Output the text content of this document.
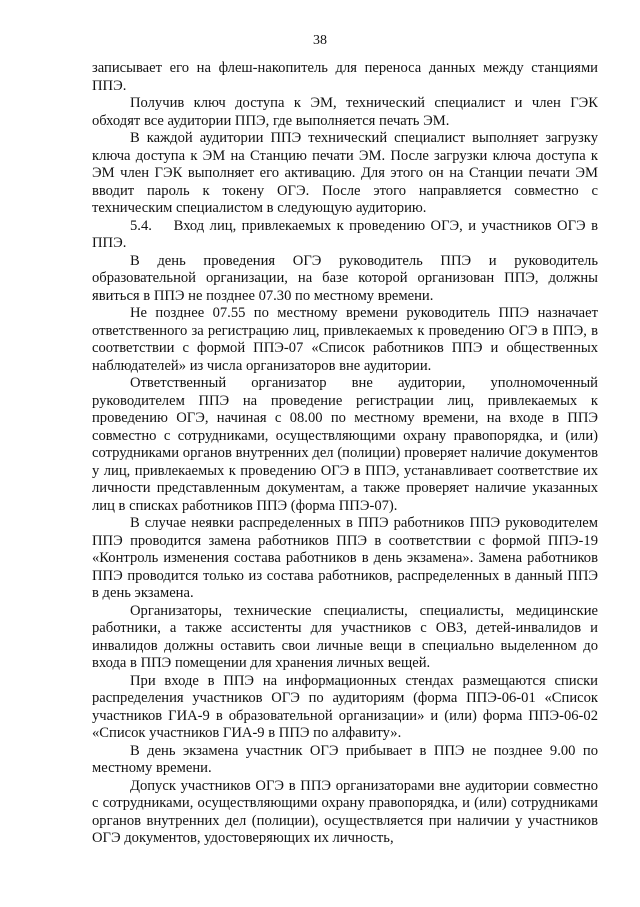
38

записывает его на флеш-накопитель для переноса данных между станциями ППЭ.

Получив ключ доступа к ЭМ, технический специалист и член ГЭК обходят все аудитории ППЭ, где выполняется печать ЭМ.

В каждой аудитории ППЭ технический специалист выполняет загрузку ключа доступа к ЭМ на Станцию печати ЭМ. После загрузки ключа доступа к ЭМ член ГЭК выполняет его активацию. Для этого он на Станции печати ЭМ вводит пароль к токену ОГЭ. После этого направляется совместно с техническим специалистом в следующую аудиторию.

5.4.    Вход лиц, привлекаемых к проведению ОГЭ, и участников ОГЭ в ППЭ.

В день проведения ОГЭ руководитель ППЭ и руководитель образовательной организации, на базе которой организован ППЭ, должны явиться в ППЭ не позднее 07.30 по местному времени.

Не позднее 07.55 по местному времени руководитель ППЭ назначает ответственного за регистрацию лиц, привлекаемых к проведению ОГЭ в ППЭ, в соответствии с формой ППЭ-07 «Список работников ППЭ и общественных наблюдателей» из числа организаторов вне аудитории.

Ответственный организатор вне аудитории, уполномоченный руководителем ППЭ на проведение регистрации лиц, привлекаемых к проведению ОГЭ, начиная с 08.00 по местному времени, на входе в ППЭ совместно с сотрудниками, осуществляющими охрану правопорядка, и (или) сотрудниками органов внутренних дел (полиции) проверяет наличие документов у лиц, привлекаемых к проведению ОГЭ в ППЭ, устанавливает соответствие их личности представленным документам, а также проверяет наличие указанных лиц в списках работников ППЭ (форма ППЭ-07).

В случае неявки распределенных в ППЭ работников ППЭ руководителем ППЭ проводится замена работников ППЭ в соответствии с формой ППЭ-19 «Контроль изменения состава работников в день экзамена». Замена работников ППЭ проводится только из состава работников, распределенных в данный ППЭ в день экзамена.

Организаторы, технические специалисты, специалисты, медицинские работники, а также ассистенты для участников с ОВЗ, детей-инвалидов и инвалидов должны оставить свои личные вещи в специально выделенном до входа в ППЭ помещении для хранения личных вещей.

При входе в ППЭ на информационных стендах размещаются списки распределения участников ОГЭ по аудиториям (форма ППЭ-06-01 «Список участников ГИА-9 в образовательной организации» и (или) форма ППЭ-06-02 «Список участников ГИА-9 в ППЭ по алфавиту».

В день экзамена участник ОГЭ прибывает в ППЭ не позднее 9.00 по местному времени.

Допуск участников ОГЭ в ППЭ организаторами вне аудитории совместно с сотрудниками, осуществляющими охрану правопорядка, и (или) сотрудниками органов внутренних дел (полиции), осуществляется при наличии у участников ОГЭ документов, удостоверяющих их личность,
